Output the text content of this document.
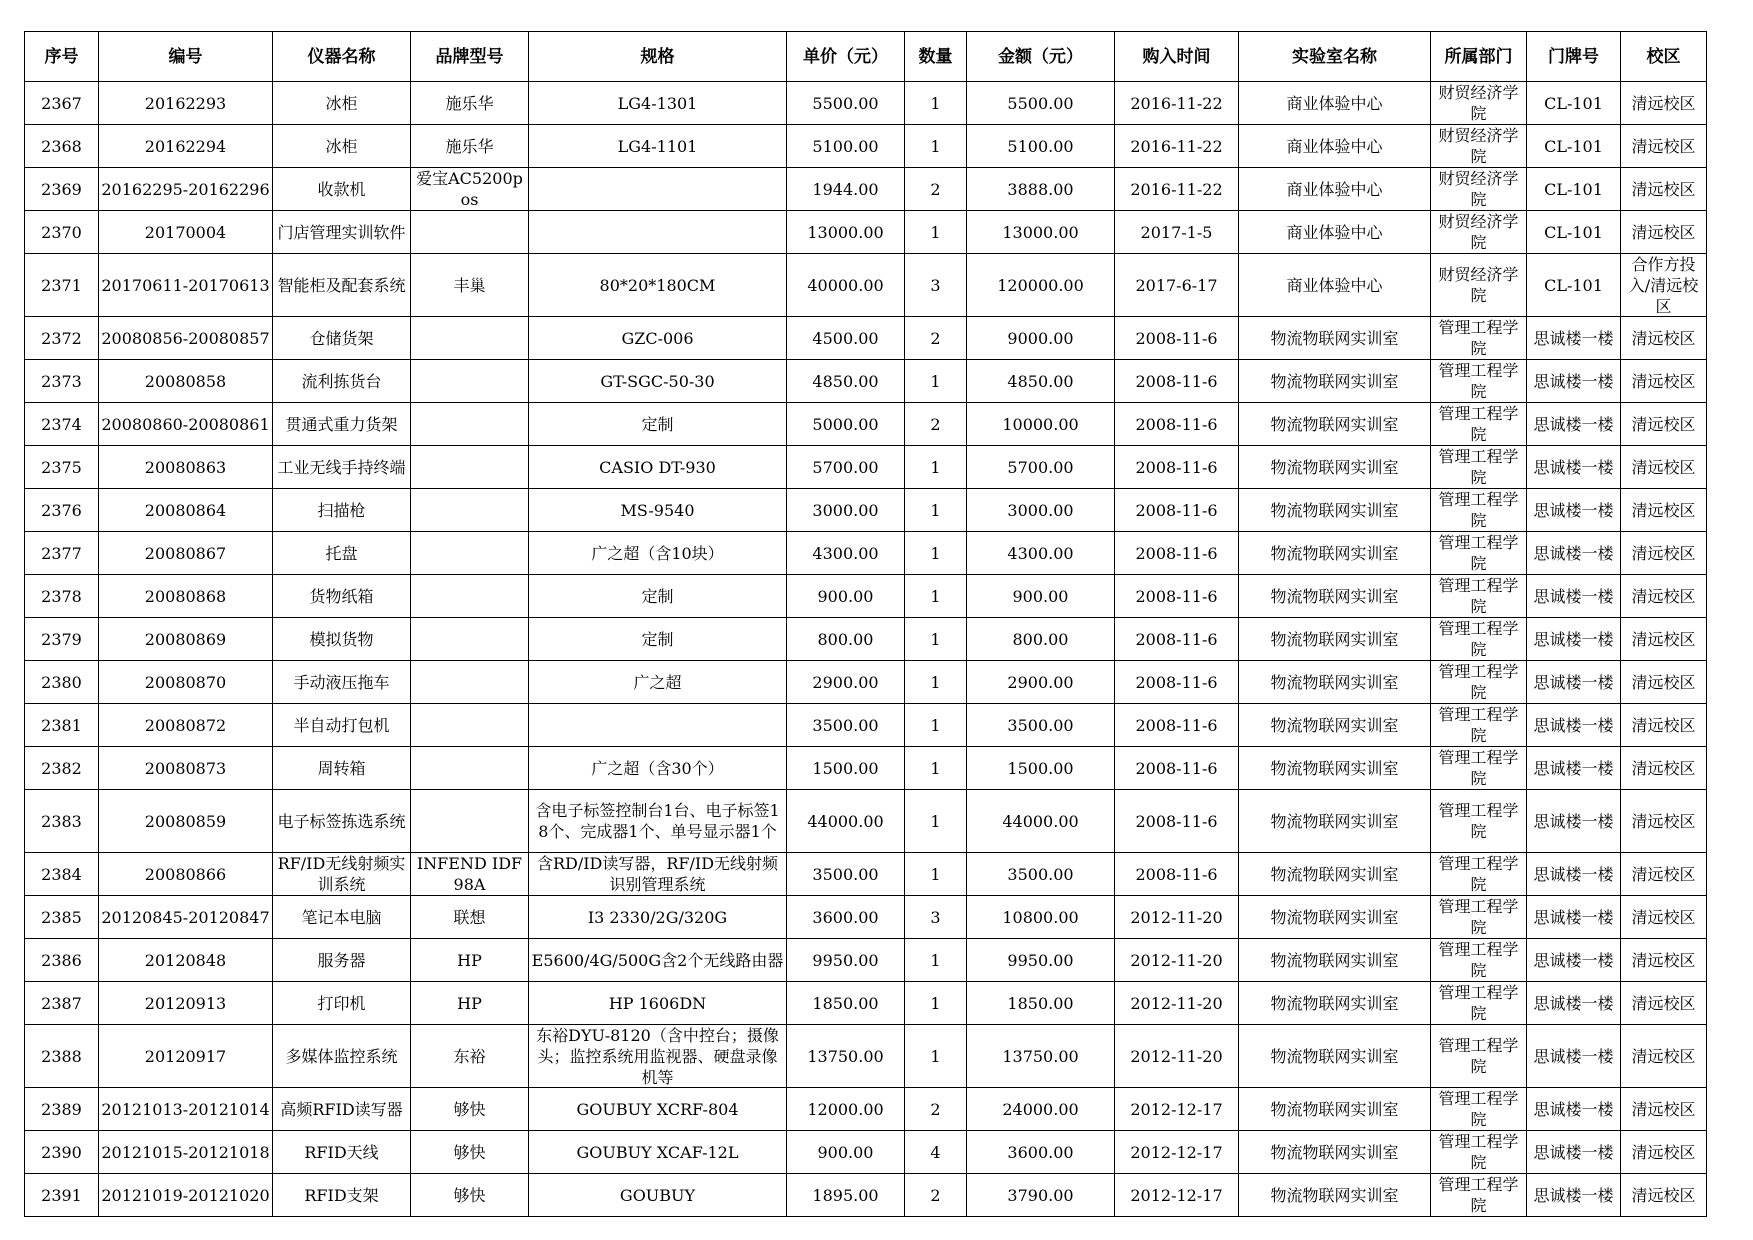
序号	编号	仪器名称	品牌型号	规格	单价（元）	数量	金额（元）	购入时间	实验室名称	所属部门	门牌号	校区

2367	20162293	冰柜	施乐华	LG4-1301	5500.00	1	5500.00	2016-11-22	商业体验中心	财贸经济学院	CL-101	清远校区

2368	20162294	冰柜	施乐华	LG4-1101	5100.00	1	5100.00	2016-11-22	商业体验中心	财贸经济学院	CL-101	清远校区

2369	20162295-20162296	收款机	爱宝AC5200pos		1944.00	2	3888.00	2016-11-22	商业体验中心	财贸经济学院	CL-101	清远校区

2370	20170004	门店管理实训软件			13000.00	1	13000.00	2017-1-5	商业体验中心	财贸经济学院	CL-101	清远校区

2371	20170611-20170613	智能柜及配套系统	丰巢	80*20*180CM	40000.00	3	120000.00	2017-6-17	商业体验中心	财贸经济学院	CL-101	合作方投入/清远校区

2372	20080856-20080857	仓储货架		GZC-006	4500.00	2	9000.00	2008-11-6	物流物联网实训室	管理工程学院	思诚楼一楼	清远校区

2373	20080858	流利拣货台		GT-SGC-50-30	4850.00	1	4850.00	2008-11-6	物流物联网实训室	管理工程学院	思诚楼一楼	清远校区

2374	20080860-20080861	贯通式重力货架		定制	5000.00	2	10000.00	2008-11-6	物流物联网实训室	管理工程学院	思诚楼一楼	清远校区

2375	20080863	工业无线手持终端		CASIO DT-930	5700.00	1	5700.00	2008-11-6	物流物联网实训室	管理工程学院	思诚楼一楼	清远校区

2376	20080864	扫描枪		MS-9540	3000.00	1	3000.00	2008-11-6	物流物联网实训室	管理工程学院	思诚楼一楼	清远校区

2377	20080867	托盘		广之超（含10块）	4300.00	1	4300.00	2008-11-6	物流物联网实训室	管理工程学院	思诚楼一楼	清远校区

2378	20080868	货物纸箱		定制	900.00	1	900.00	2008-11-6	物流物联网实训室	管理工程学院	思诚楼一楼	清远校区

2379	20080869	模拟货物		定制	800.00	1	800.00	2008-11-6	物流物联网实训室	管理工程学院	思诚楼一楼	清远校区

2380	20080870	手动液压拖车		广之超	2900.00	1	2900.00	2008-11-6	物流物联网实训室	管理工程学院	思诚楼一楼	清远校区

2381	20080872	半自动打包机			3500.00	1	3500.00	2008-11-6	物流物联网实训室	管理工程学院	思诚楼一楼	清远校区

2382	20080873	周转箱		广之超（含30个）	1500.00	1	1500.00	2008-11-6	物流物联网实训室	管理工程学院	思诚楼一楼	清远校区

2383	20080859	电子标签拣选系统		含电子标签控制台1台、电子标签18个、完成器1个、单号显示器1个	44000.00	1	44000.00	2008-11-6	物流物联网实训室	管理工程学院	思诚楼一楼	清远校区

2384	20080866	RF/ID无线射频实训系统	INFEND IDF98A	含RD/ID读写器，RF/ID无线射频识别管理系统	3500.00	1	3500.00	2008-11-6	物流物联网实训室	管理工程学院	思诚楼一楼	清远校区

2385	20120845-20120847	笔记本电脑	联想	I3 2330/2G/320G	3600.00	3	10800.00	2012-11-20	物流物联网实训室	管理工程学院	思诚楼一楼	清远校区

2386	20120848	服务器	HP	E5600/4G/500G含2个无线路由器	9950.00	1	9950.00	2012-11-20	物流物联网实训室	管理工程学院	思诚楼一楼	清远校区

2387	20120913	打印机	HP	HP 1606DN	1850.00	1	1850.00	2012-11-20	物流物联网实训室	管理工程学院	思诚楼一楼	清远校区

2388	20120917	多媒体监控系统	东裕	东裕DYU-8120（含中控台；摄像头；监控系统用监视器、硬盘录像机等	13750.00	1	13750.00	2012-11-20	物流物联网实训室	管理工程学院	思诚楼一楼	清远校区

2389	20121013-20121014	高频RFID读写器	够快	GOUBUY XCRF-804	12000.00	2	24000.00	2012-12-17	物流物联网实训室	管理工程学院	思诚楼一楼	清远校区

2390	20121015-20121018	RFID天线	够快	GOUBUY XCAF-12L	900.00	4	3600.00	2012-12-17	物流物联网实训室	管理工程学院	思诚楼一楼	清远校区

2391	20121019-20121020	RFID支架	够快	GOUBUY	1895.00	2	3790.00	2012-12-17	物流物联网实训室	管理工程学院	思诚楼一楼	清远校区
